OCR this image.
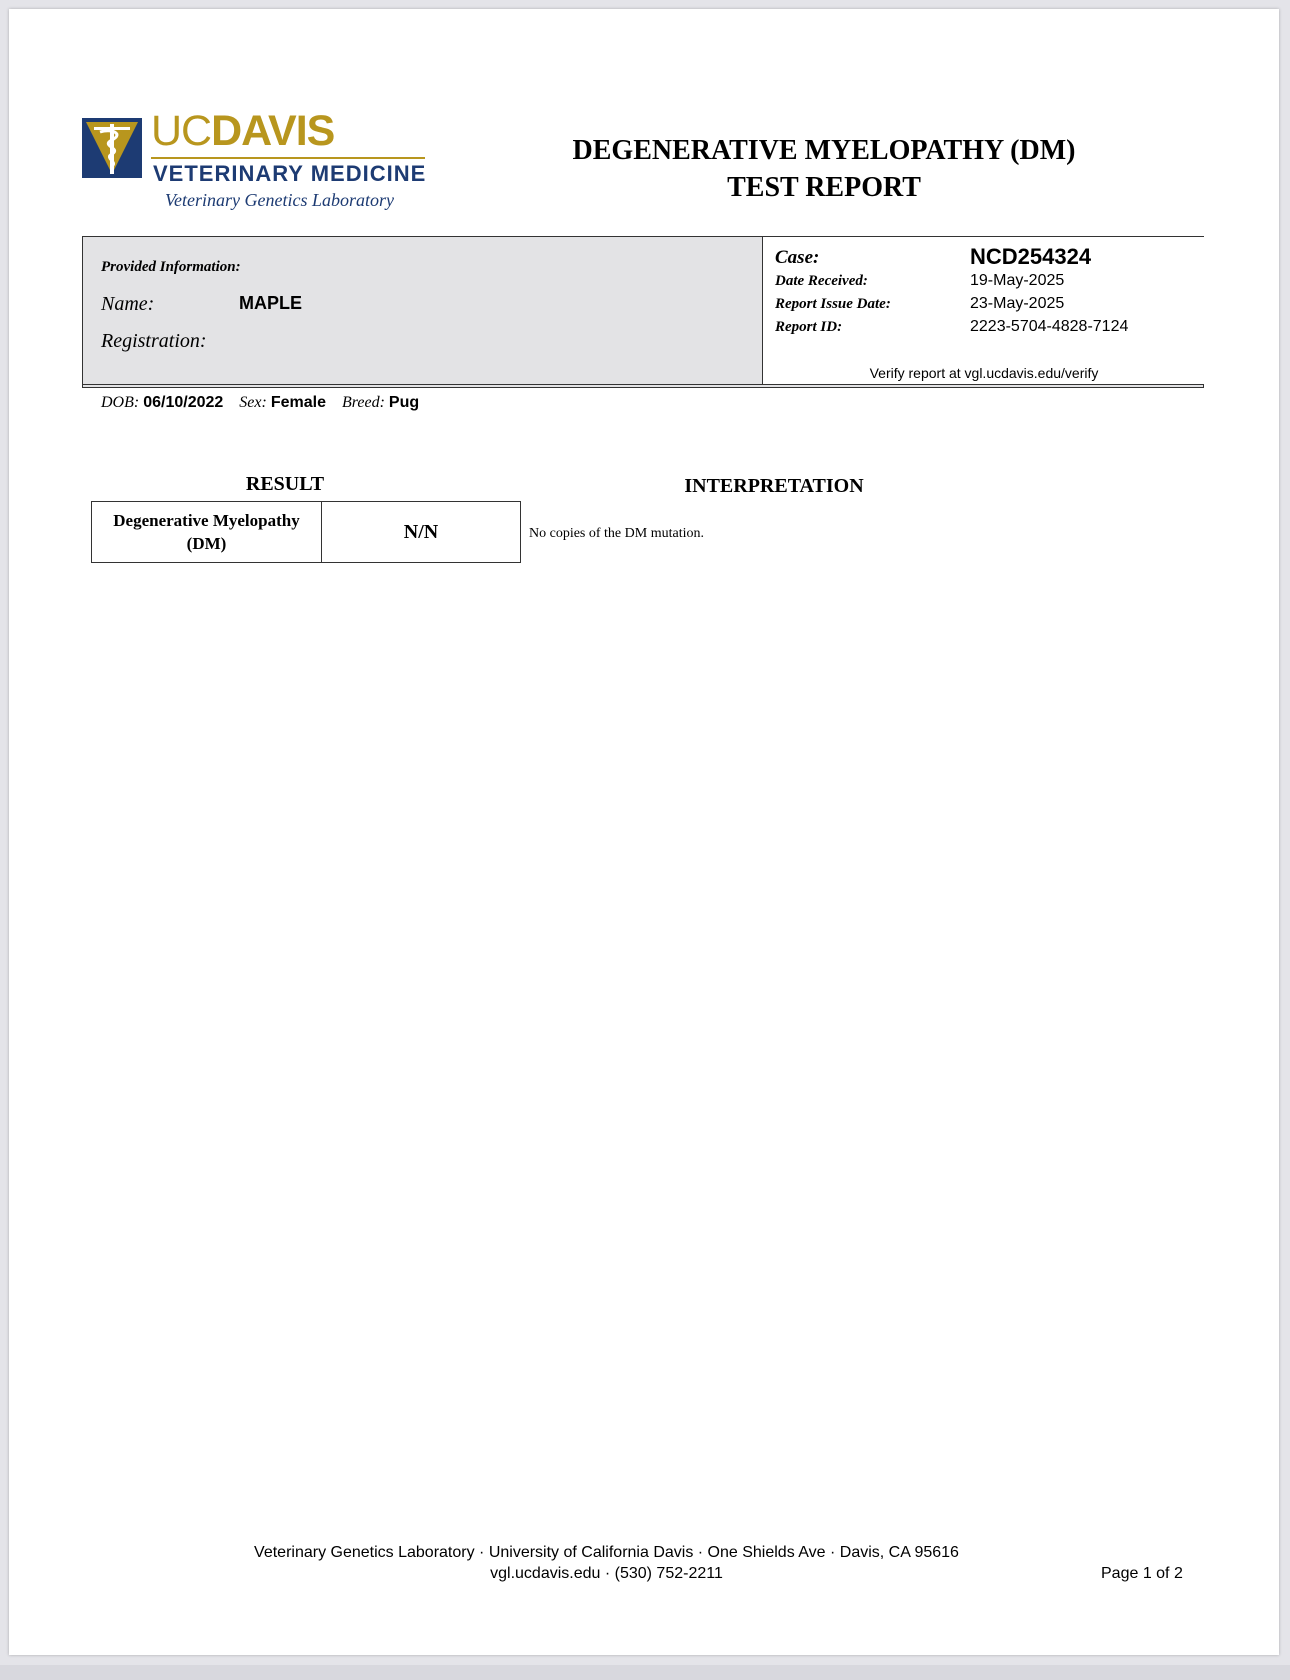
UCDAVIS
VETERINARY MEDICINE
Veterinary Genetics Laboratory
DEGENERATIVE MYELOPATHY (DM)
TEST REPORT
Provided Information:
Name:	MAPLE
Registration:
Case:	NCD254324
Date Received:	19-May-2025
Report Issue Date:	23-May-2025
Report ID:	2223-5704-4828-7124
Verify report at vgl.ucdavis.edu/verify
DOB: 06/10/2022 Sex: Female Breed: Pug
RESULT	INTERPRETATION
Degenerative Myelopathy
(DM)
N/N	No copies of the DM mutation.
Veterinary Genetics Laboratory · University of California Davis · One Shields Ave · Davis, CA 95616
vgl.ucdavis.edu · (530) 752-2211	Page 1 of 2
